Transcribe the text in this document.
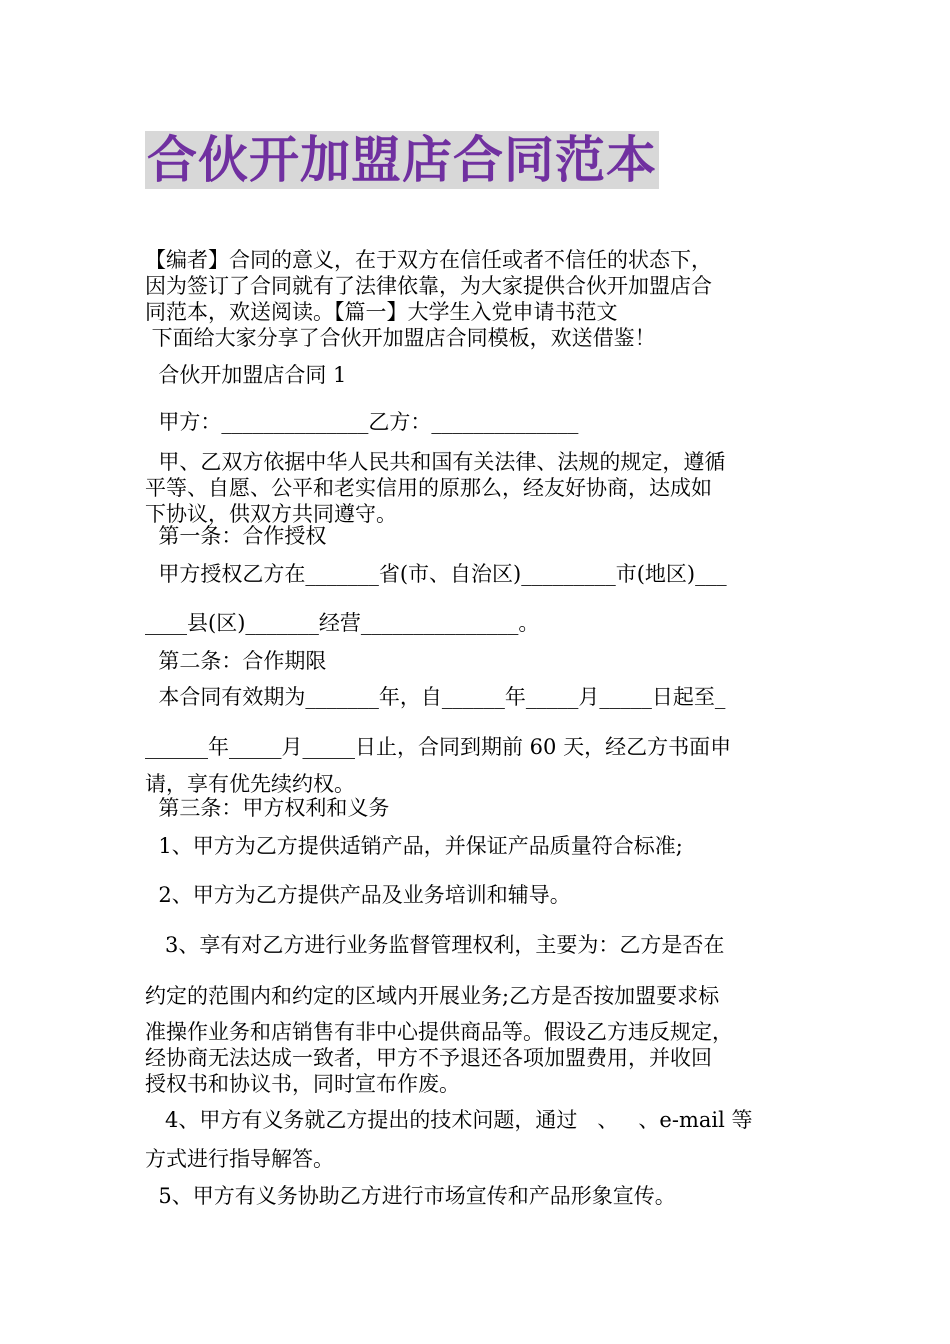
合伙开加盟店合同范本
【编者】合同的意义，在于双方在信任或者不信任的状态下，
因为签订了合同就有了法律依靠，为大家提供合伙开加盟店合
同范本，欢送阅读。【篇一】大学生入党申请书范文
下面给大家分享了合伙开加盟店合同模板，欢送借鉴！
合伙开加盟店合同 1
甲方：______________乙方：______________
甲、乙双方依据中华人民共和国有关法律、法规的规定，遵循
平等、自愿、公平和老实信用的原那么，经友好协商，达成如
下协议，供双方共同遵守。
第一条：合作授权
甲方授权乙方在_______省(市、自治区)_________市(地区)___
____县(区)_______经营_______________。
第二条：合作期限
本合同有效期为_______年，自______年_____月_____日起至_
______年_____月_____日止，合同到期前 60 天，经乙方书面申
请，享有优先续约权。
第三条：甲方权利和义务
1、甲方为乙方提供适销产品，并保证产品质量符合标准;
2、甲方为乙方提供产品及业务培训和辅导。
3、享有对乙方进行业务监督管理权利，主要为：乙方是否在
约定的范围内和约定的区域内开展业务;乙方是否按加盟要求标
准操作业务和店销售有非中心提供商品等。假设乙方违反规定，
经协商无法达成一致者，甲方不予退还各项加盟费用，并收回
授权书和协议书，同时宣布作废。
4、甲方有义务就乙方提出的技术问题，通过   、   、e-mail 等
方式进行指导解答。
5、甲方有义务协助乙方进行市场宣传和产品形象宣传。
